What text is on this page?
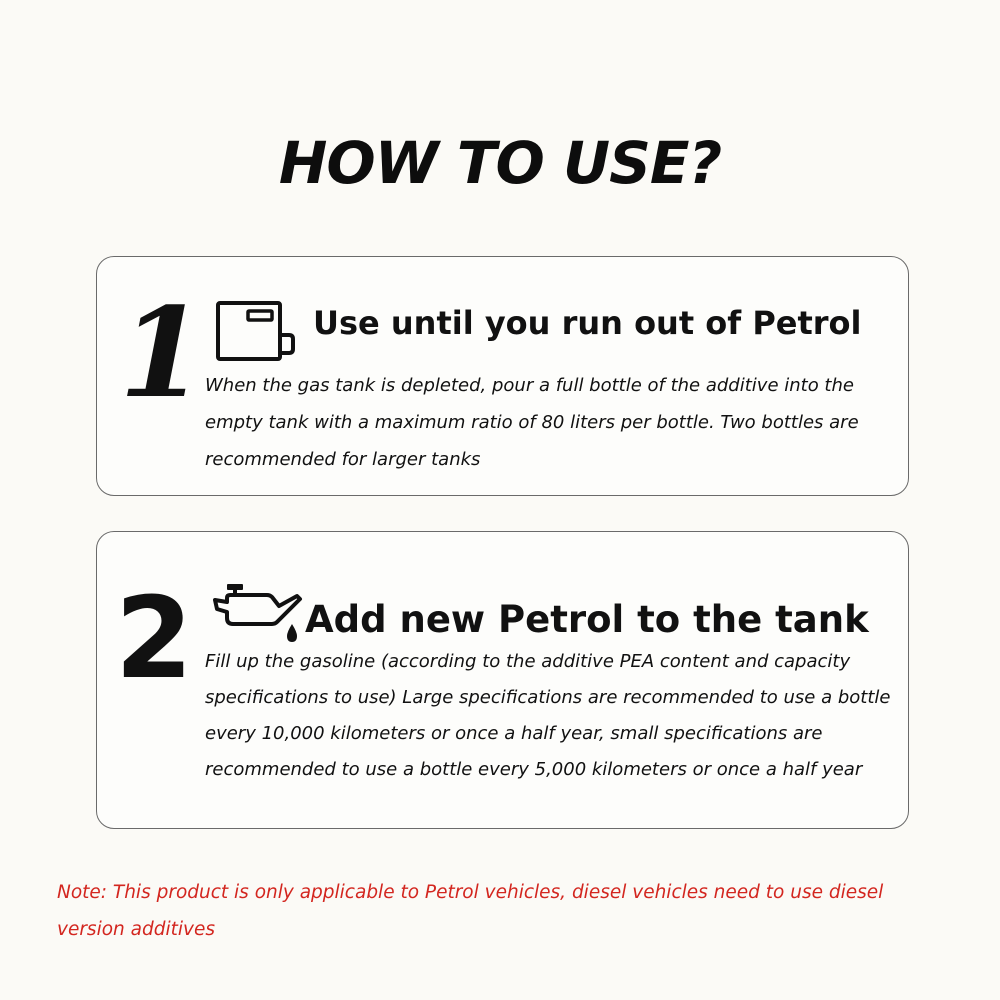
HOW TO USE?
1	Use until you run out of Petrol
When the gas tank is depleted, pour a full bottle of the additive into the empty tank with a maximum ratio of 80 liters per bottle. Two bottles are recommended for larger tanks
2	Add new Petrol to the tank
Fill up the gasoline (according to the additive PEA content and capacity specifications to use) Large specifications are recommended to use a bottle every 10,000 kilometers or once a half year, small specifications are recommended to use a bottle every 5,000 kilometers or once a half year
Note: This product is only applicable to Petrol vehicles, diesel vehicles need to use diesel version additives
